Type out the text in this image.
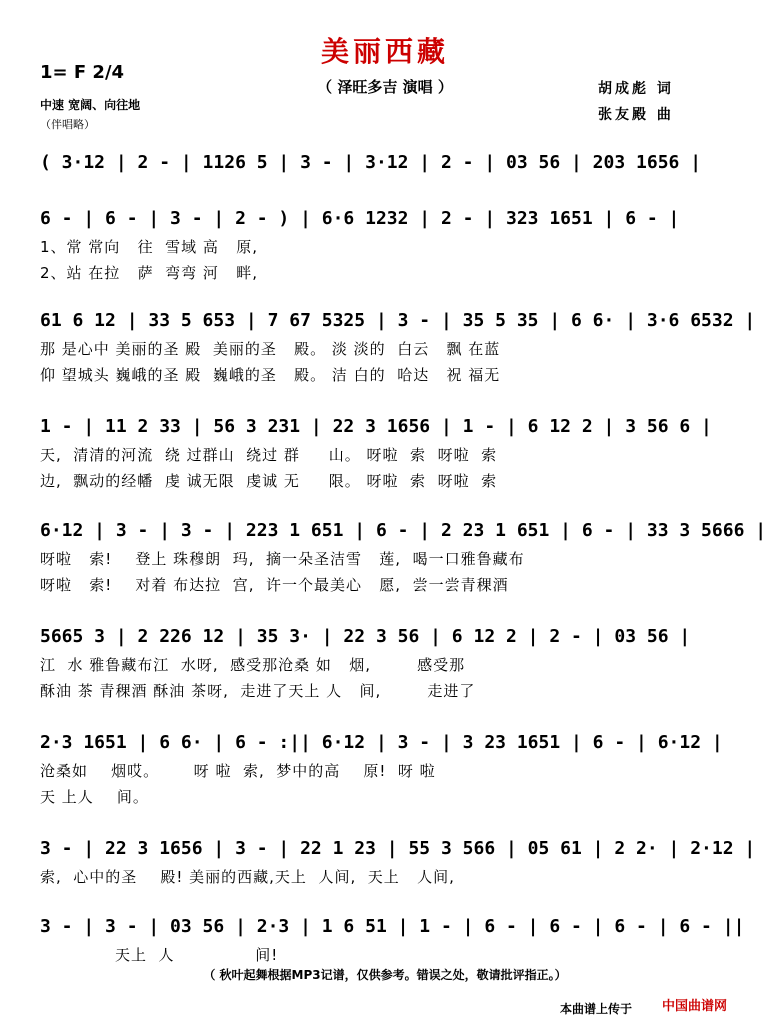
美丽西藏
（ 泽旺多吉 演唱 ）
1= F 2/4
中速 宽阔、向往地
（伴唱略）
胡成彪 词
张友殿 曲
( 3·12 | 2 - | 1126 5 | 3 - | 3·12 | 2 - | 03 56 | 203 1656 |
6 - | 6 - | 3 - | 2 - ) | 6·6 1232 | 2 - | 323 1651 | 6 - |
1、常 常向   往  雪域 高   原,
2、站 在拉   萨  弯弯 河   畔,
61 6 12 | 33 5 653 | 7 67 5325 | 3 - | 35 5 35 | 6 6· | 3·6 6532 |
那 是心中 美丽的圣 殿  美丽的圣   殿。 淡 淡的  白云   飘 在蓝
仰 望城头 巍峨的圣 殿  巍峨的圣   殿。 洁 白的  哈达   祝 福无
1 - | 11 2 33 | 56 3 231 | 22 3 1656 | 1 - | 6 12 2 | 3 56 6 |
天,  清清的河流  绕 过群山  绕过 群     山。 呀啦  索  呀啦  索
边,  飘动的经幡  虔 诚无限  虔诚 无     限。 呀啦  索  呀啦  索
6·12 | 3 - | 3 - | 223 1 651 | 6 - | 2 23 1 651 | 6 - | 33 3 5666 |
呀啦   索!    登上 珠穆朗  玛,  摘一朵圣洁雪   莲,  喝一口雅鲁藏布
呀啦   索!    对着 布达拉  宫,  许一个最美心   愿,  尝一尝青稞酒
5665 3 | 2 226 12 | 35 3· | 22 3 56 | 6 12 2 | 2 - | 03 56 |
江  水 雅鲁藏布江  水呀,  感受那沧桑 如   烟,        感受那
酥油 茶 青稞酒 酥油 茶呀,  走进了天上 人   间,        走进了
2·3 1651 | 6 6· | 6 - :|| 6·12 | 3 - | 3 23 1651 | 6 - | 6·12 |
沧桑如    烟哎。      呀 啦  索,  梦中的高    原!  呀 啦
天 上人    间。
3 - | 22 3 1656 | 3 - | 22 1 23 | 55 3 566 | 05 61 | 2 2· | 2·12 |
索,  心中的圣    殿! 美丽的西藏,天上  人间,  天上   人间,
3 - | 3 - | 03 56 | 2·3 | 1 6 51 | 1 - | 6 - | 6 - | 6 - | 6 - ||
天上  人              间!
（ 秋叶起舞根据MP3记谱，仅供参考。错误之处，敬请批评指正。）
本曲谱上传于 中国曲谱网
